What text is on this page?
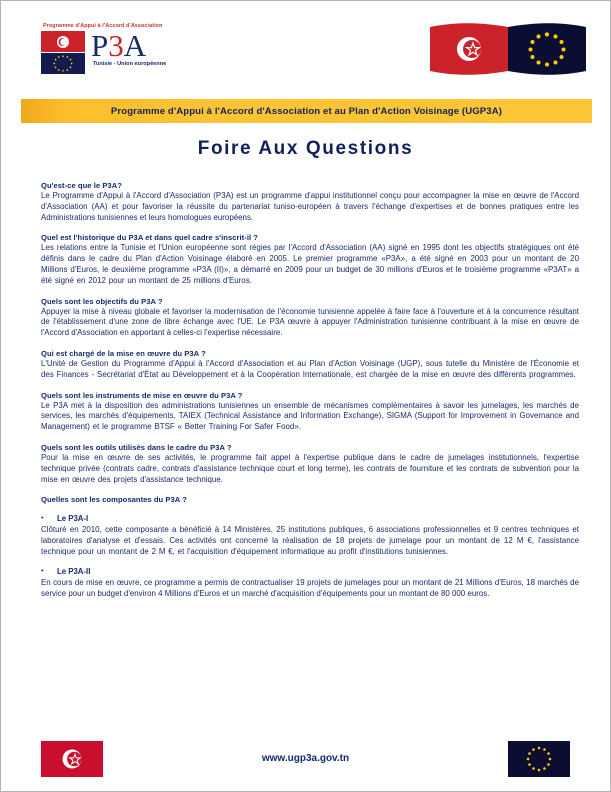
Programme d'Appui à l'Accord d'Association
P3A
Tunisie - Union européenne
Programme d'Appui à l'Accord d'Association et au Plan d'Action Voisinage (UGP3A)
Foire Aux Questions
Qu'est-ce que le P3A?
Le Programme d'Appui à l'Accord d'Association (P3A) est un programme d'appui institutionnel conçu pour accompagner la mise en œuvre de l'Accord d'Association (AA) et pour favoriser la réussite du partenariat tuniso-européen à travers l'échange d'expertises et de bonnes pratiques entre les Administrations tunisiennes et leurs homologues européens.
Quel est l'historique du P3A et dans quel cadre s'inscrit-il ?
Les relations entre la Tunisie et l'Union européenne sont régies par l'Accord d'Association (AA) signé en 1995 dont les objectifs stratégiques ont été définis dans le cadre du Plan d'Action Voisinage élaboré en 2005. Le premier programme «P3A», a été signé en 2003 pour un montant de 20 Millions d'Euros, le deuxième programme «P3A (II)», a démarré en 2009 pour un budget de 30 millions d'Euros et le troisième programme «P3AT» a été signé en 2012 pour un montant de 25 millions d'Euros.
Quels sont les objectifs du P3A ?
Appuyer la mise à niveau globale et favoriser la modernisation de l'économie tunisienne appelée à faire face à l'ouverture et à la concurrence résultant de l'établissement d'une zone de libre échange avec l'UE. Le P3A œuvre à appuyer l'Administration tunisienne contribuant à la mise en œuvre de l'Accord d'Association en apportant à celles-ci l'expertise nécessaire.
Qui est chargé de la mise en œuvre du P3A ?
L'Unité de Gestion du Programme d'Appui à l'Accord d'Association et au Plan d'Action Voisinage (UGP), sous tutelle du Ministère de l'Économie et des Finances - Secrétariat d'État au Développement et à la Coopération Internationale, est chargée de la mise en œuvre des différents programmes.
Quels sont les instruments de mise en œuvre du P3A ?
Le P3A met à la disposition des administrations tunisiennes un ensemble de mécanismes complémentaires à savoir les jumelages, les marchés de services, les marchés d'équipements, TAIEX (Technical Assistance and Information Exchange), SIGMA (Support for Improvement in Governance and Management) et le programme BTSF « Better Training For Safer Food».
Quels sont les outils utilisés dans le cadre du P3A ?
Pour la mise en œuvre de ses activités, le programme fait appel à l'expertise publique dans le cadre de jumelages institutionnels, l'expertise technique privée (contrats cadre, contrats d'assistance technique court et long terme), les contrats de fourniture et les contrats de subvention pour la mise en œuvre des projets d'assistance technique.
Quelles sont les composantes du P3A ?
•	Le P3A-I
Clôturé en 2010, cette composante a bénéficié à 14 Ministères, 25 institutions publiques, 6 associations professionnelles et 9 centres techniques et laboratoires d'analyse et d'essais. Ces activités ont concerné la réalisation de 18 projets de jumelage pour un montant de 12 M €, l'assistance technique pour un montant de 2 M €, et l'acquisition d'équipement informatique au profit d'institutions tunisiennes.
•	Le P3A-II
En cours de mise en œuvre, ce programme a permis de contractualiser 19 projets de jumelages pour un montant de 21 Millions d'Euros, 18 marchés de service pour un budget d'environ 4 Millions d'Euros et un marché d'acquisition d'équipements pour un montant de 80 000 euros.
www.ugp3a.gov.tn
